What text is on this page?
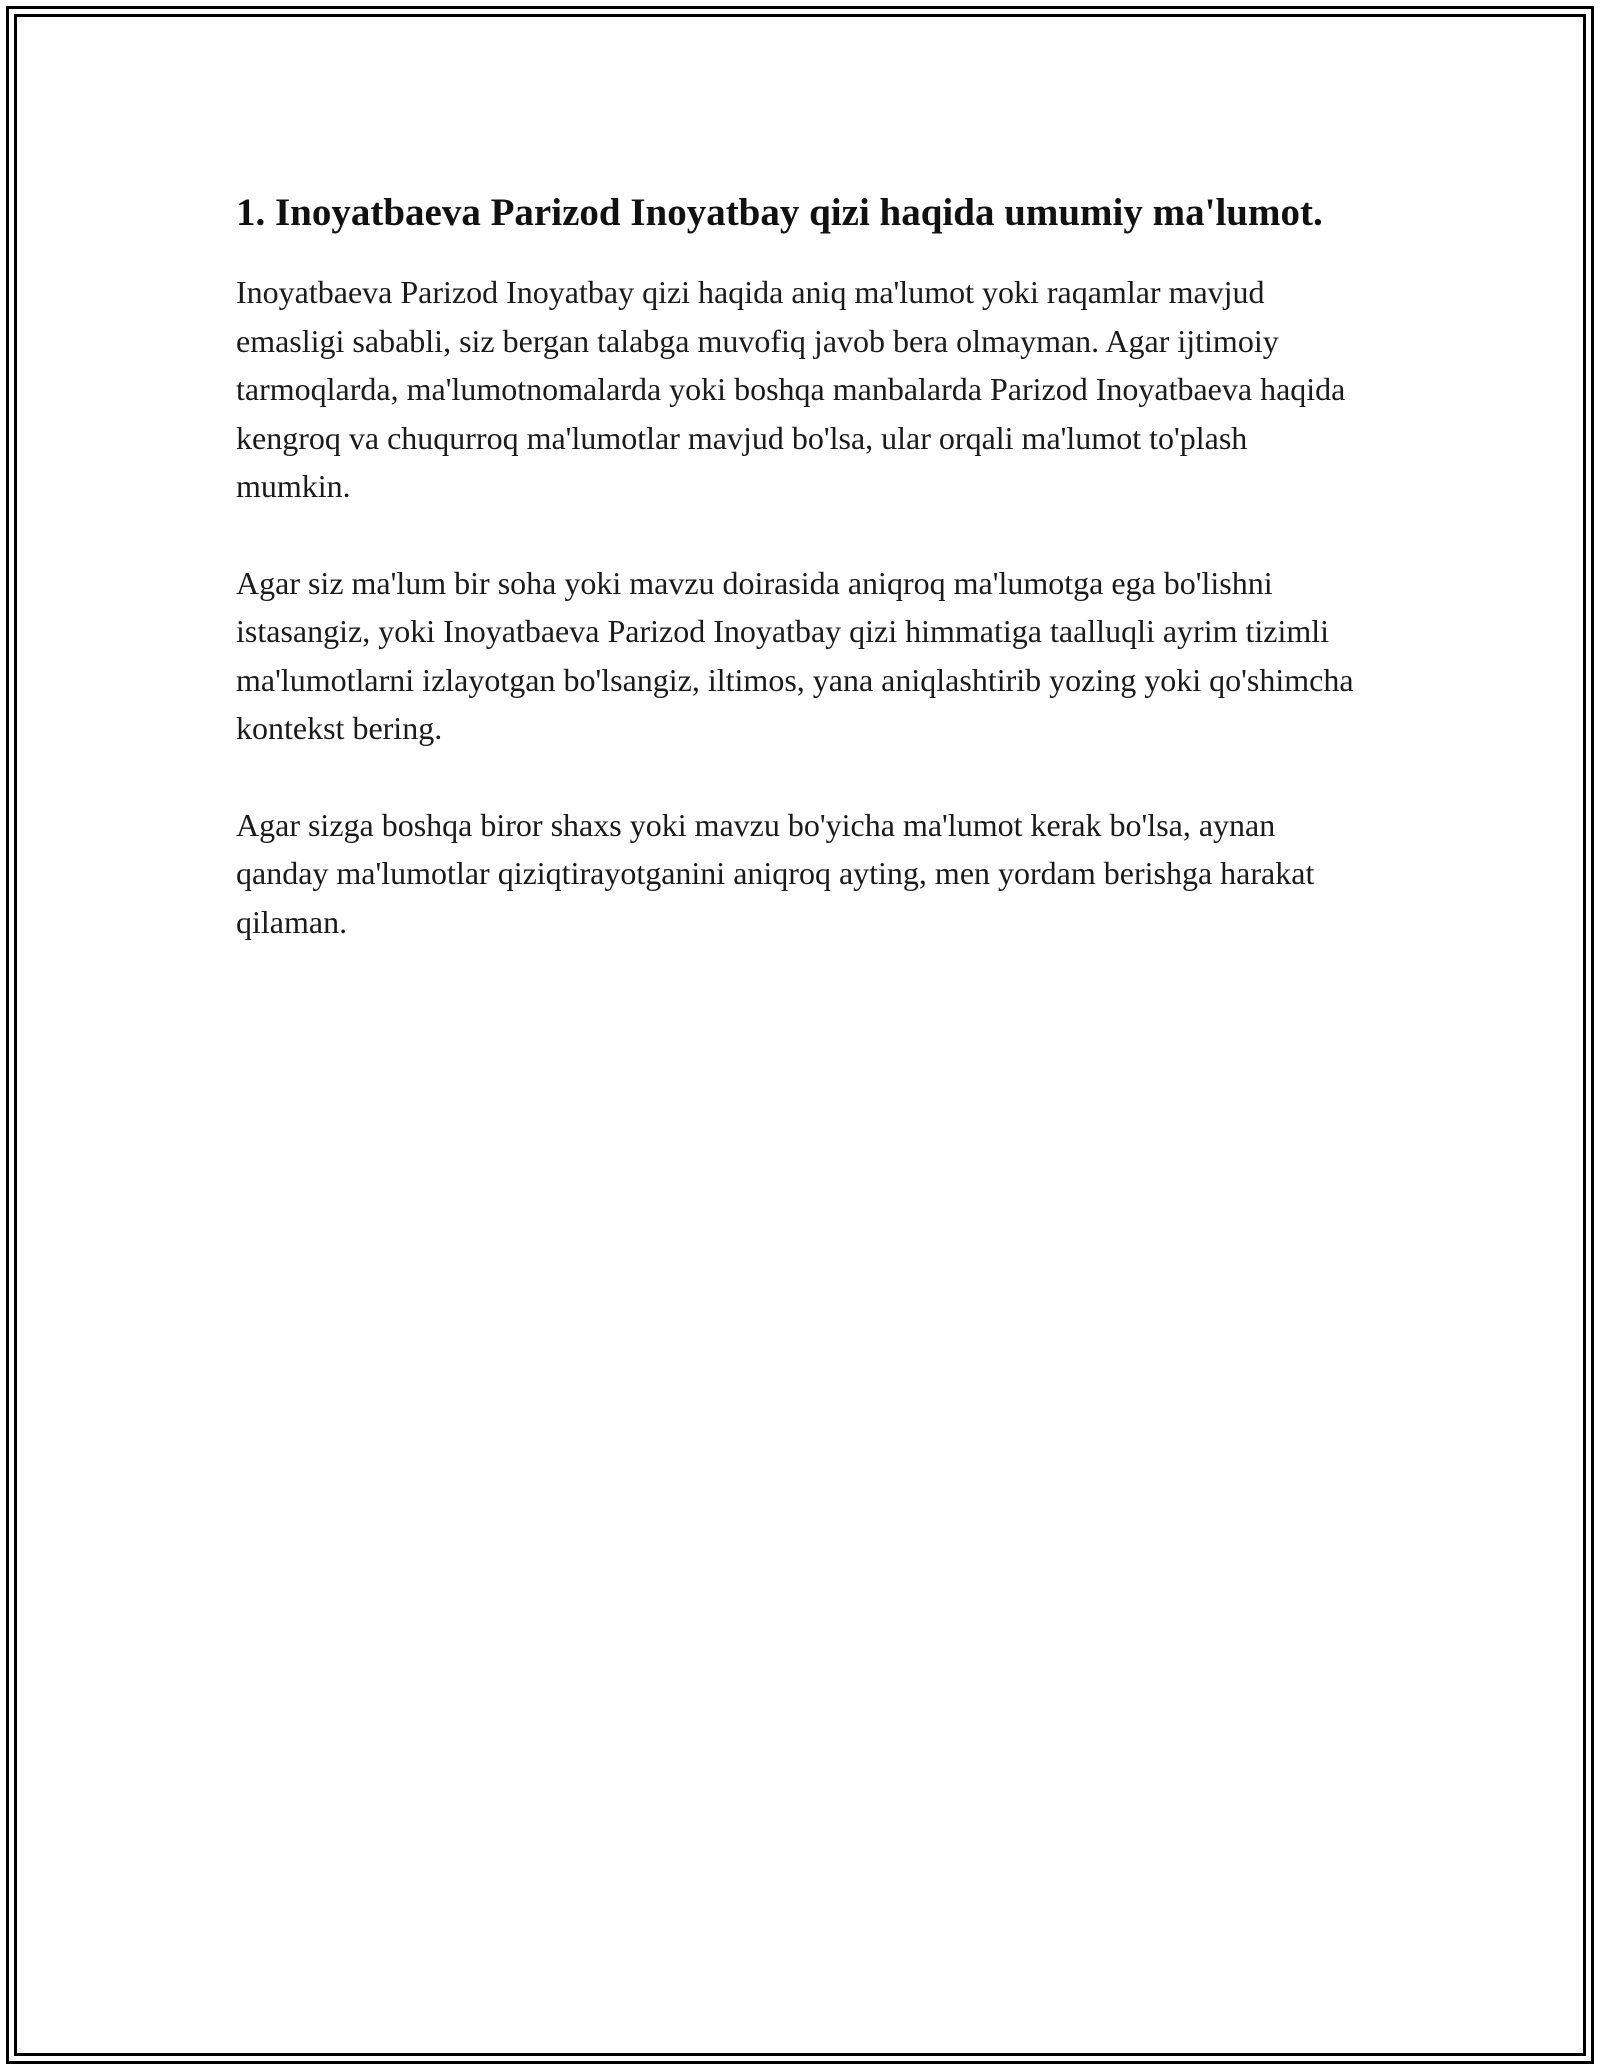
1. Inoyatbaeva Parizod Inoyatbay qizi haqida umumiy ma'lumot.

Inoyatbaeva Parizod Inoyatbay qizi haqida aniq ma'lumot yoki raqamlar mavjud emasligi sababli, siz bergan talabga muvofiq javob bera olmayman. Agar ijtimoiy tarmoqlarda, ma'lumotnomalarda yoki boshqa manbalarda Parizod Inoyatbaeva haqida kengroq va chuqurroq ma'lumotlar mavjud bo'lsa, ular orqali ma'lumot to'plash mumkin.

Agar siz ma'lum bir soha yoki mavzu doirasida aniqroq ma'lumotga ega bo'lishni istasangiz, yoki Inoyatbaeva Parizod Inoyatbay qizi himmatiga taalluqli ayrim tizimli ma'lumotlarni izlayotgan bo'lsangiz, iltimos, yana aniqlashtirib yozing yoki qo'shimcha kontekst bering.

Agar sizga boshqa biror shaxs yoki mavzu bo'yicha ma'lumot kerak bo'lsa, aynan qanday ma'lumotlar qiziqtirayotganini aniqroq ayting, men yordam berishga harakat qilaman.
